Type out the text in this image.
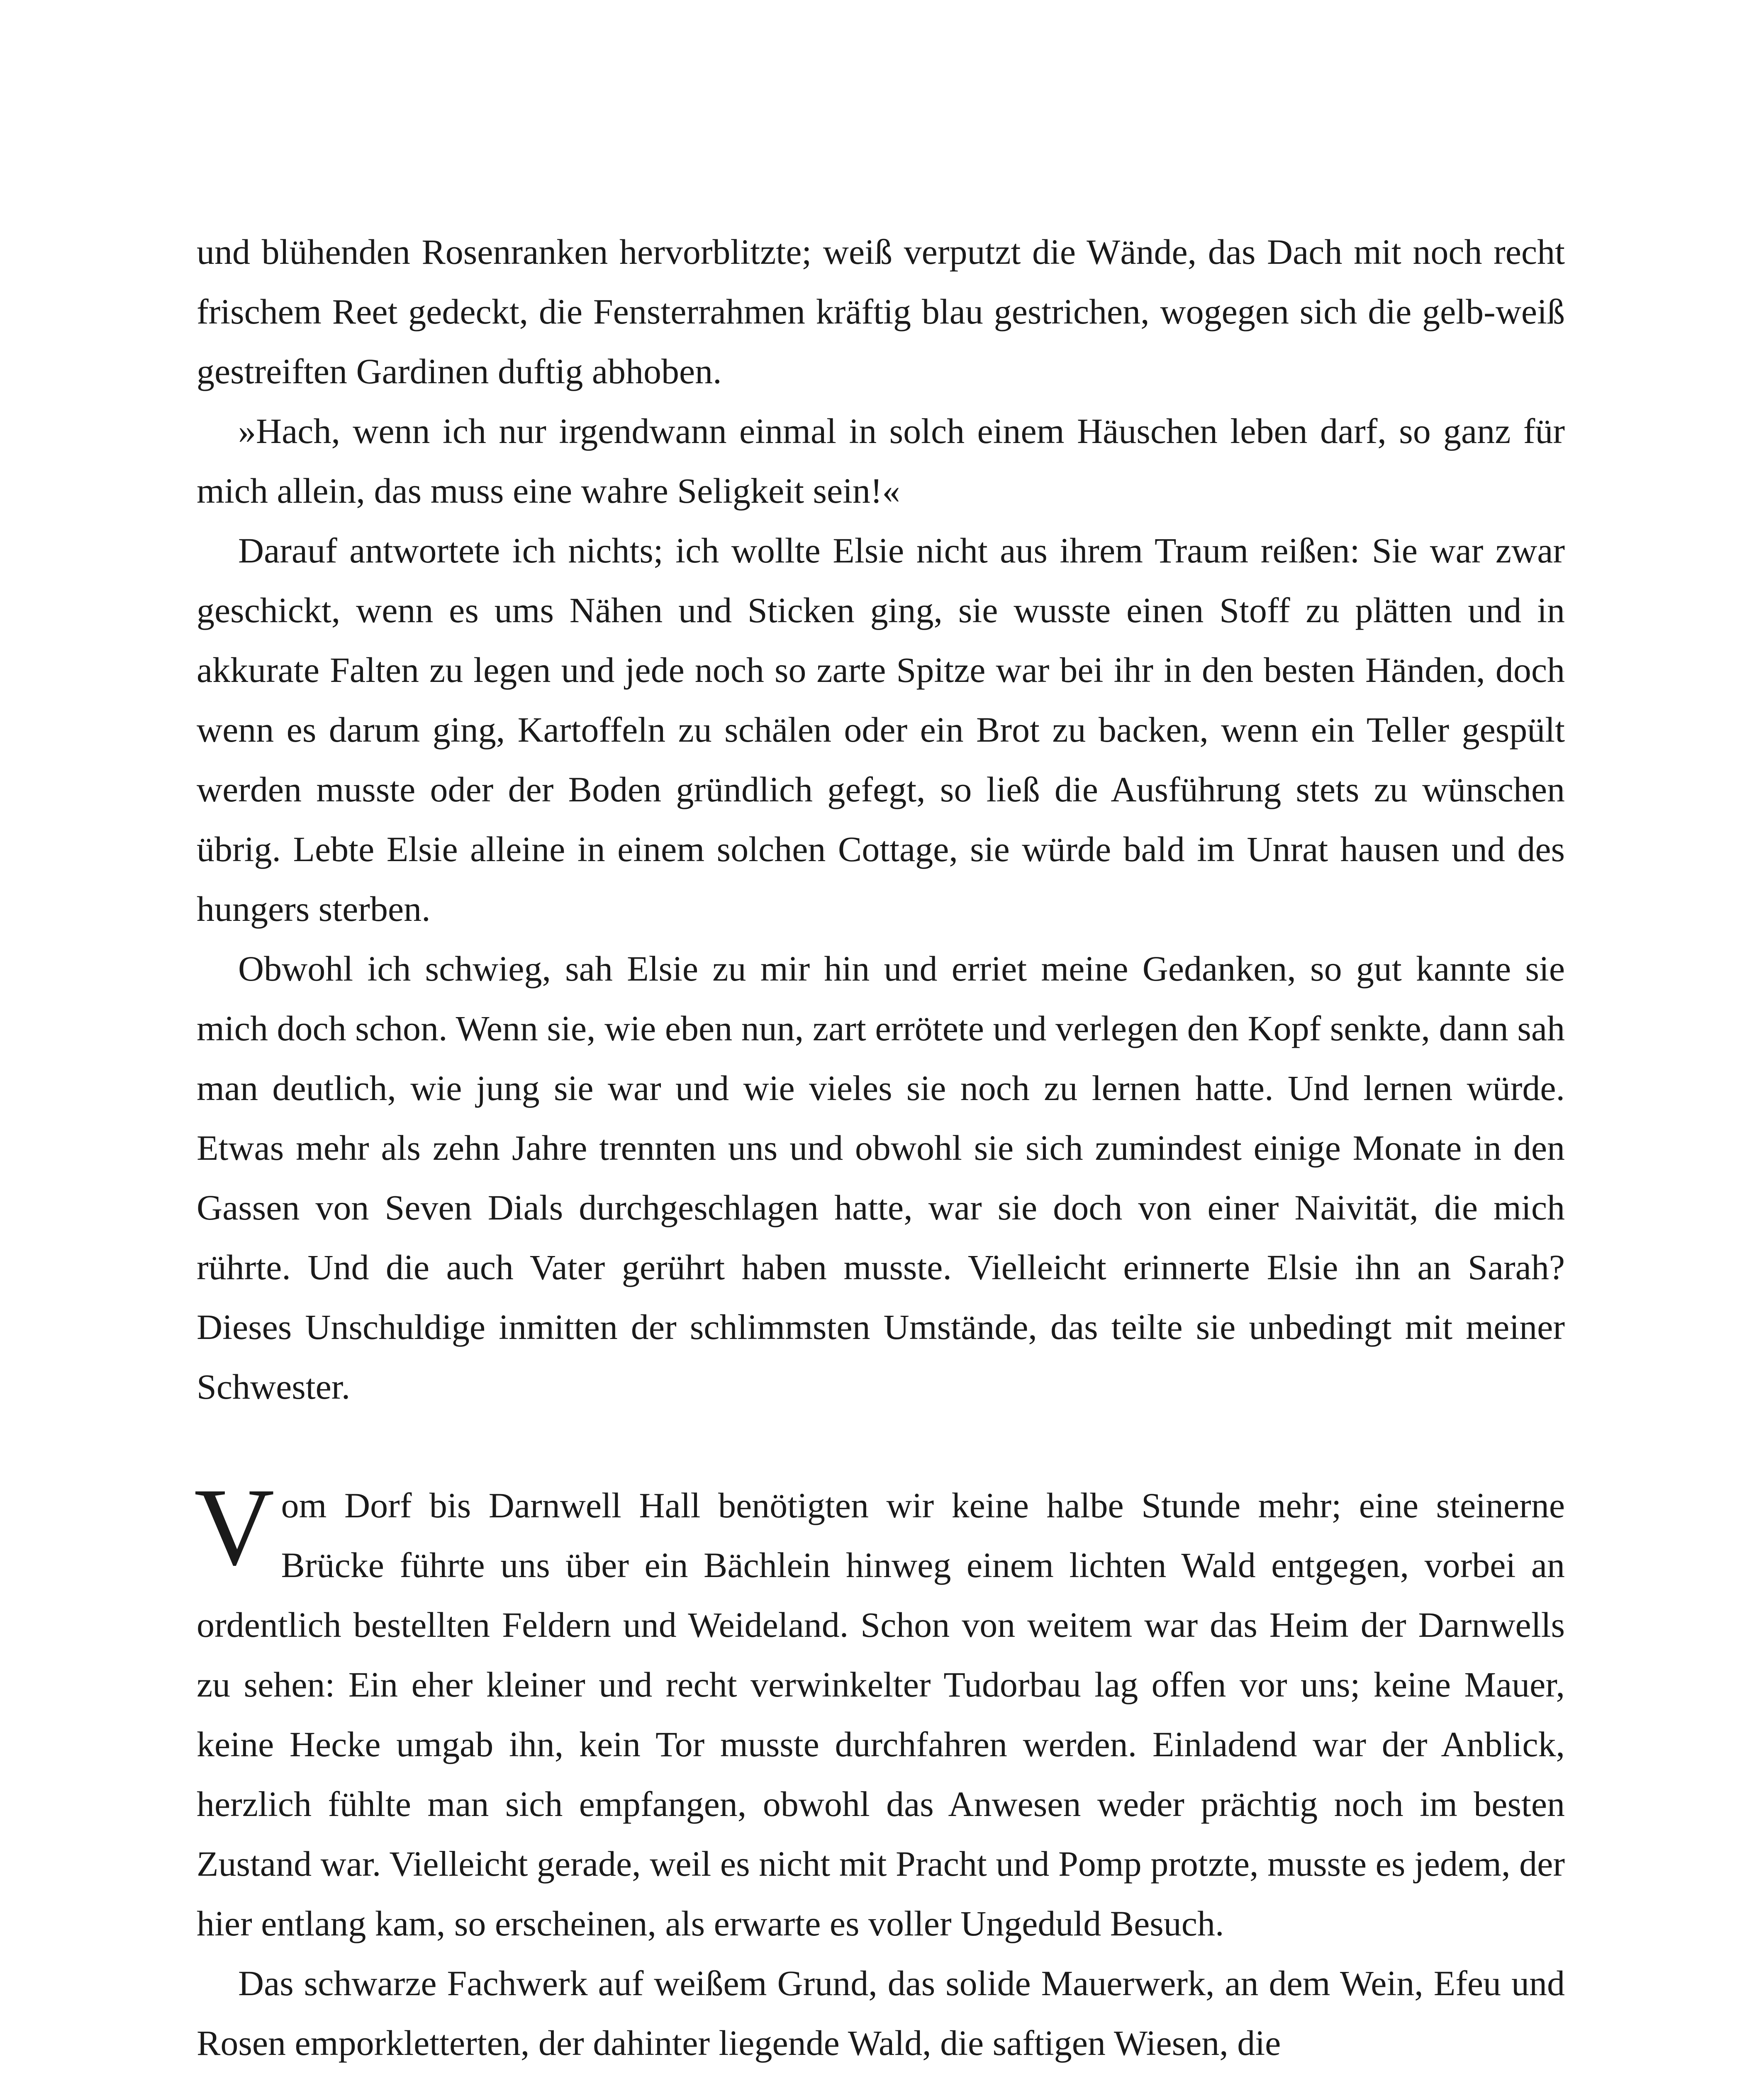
und blühenden Rosenranken hervorblitzte; weiß verputzt die Wände, das Dach mit noch recht frischem Reet gedeckt, die Fensterrahmen kräftig blau gestrichen, wogegen sich die gelb-weiß gestreiften Gardinen duftig abhoben.

»Hach, wenn ich nur irgendwann einmal in solch einem Häuschen leben darf, so ganz für mich allein, das muss eine wahre Seligkeit sein!«

Darauf antwortete ich nichts; ich wollte Elsie nicht aus ihrem Traum reißen: Sie war zwar geschickt, wenn es ums Nähen und Sticken ging, sie wusste einen Stoff zu plätten und in akkurate Falten zu legen und jede noch so zarte Spitze war bei ihr in den besten Händen, doch wenn es darum ging, Kartoffeln zu schälen oder ein Brot zu backen, wenn ein Teller gespült werden musste oder der Boden gründlich gefegt, so ließ die Ausführung stets zu wünschen übrig. Lebte Elsie alleine in einem solchen Cottage, sie würde bald im Unrat hausen und des hungers sterben.

Obwohl ich schwieg, sah Elsie zu mir hin und erriet meine Gedanken, so gut kannte sie mich doch schon. Wenn sie, wie eben nun, zart errötete und verlegen den Kopf senkte, dann sah man deutlich, wie jung sie war und wie vieles sie noch zu lernen hatte. Und lernen würde. Etwas mehr als zehn Jahre trennten uns und obwohl sie sich zumindest einige Monate in den Gassen von Seven Dials durchgeschlagen hatte, war sie doch von einer Naivität, die mich rührte. Und die auch Vater gerührt haben musste. Vielleicht erinnerte Elsie ihn an Sarah? Dieses Unschuldige inmitten der schlimmsten Umstände, das teilte sie unbedingt mit meiner Schwester.

Vom Dorf bis Darnwell Hall benötigten wir keine halbe Stunde mehr; eine steinerne Brücke führte uns über ein Bächlein hinweg einem lichten Wald entgegen, vorbei an ordentlich bestellten Feldern und Weideland. Schon von weitem war das Heim der Darnwells zu sehen: Ein eher kleiner und recht verwinkelter Tudorbau lag offen vor uns; keine Mauer, keine Hecke umgab ihn, kein Tor musste durchfahren werden. Einladend war der Anblick, herzlich fühlte man sich empfangen, obwohl das Anwesen weder prächtig noch im besten Zustand war. Vielleicht gerade, weil es nicht mit Pracht und Pomp protzte, musste es jedem, der hier entlang kam, so erscheinen, als erwarte es voller Ungeduld Besuch.

Das schwarze Fachwerk auf weißem Grund, das solide Mauerwerk, an dem Wein, Efeu und Rosen emporkletterten, der dahinter liegende Wald, die saftigen Wiesen, die
